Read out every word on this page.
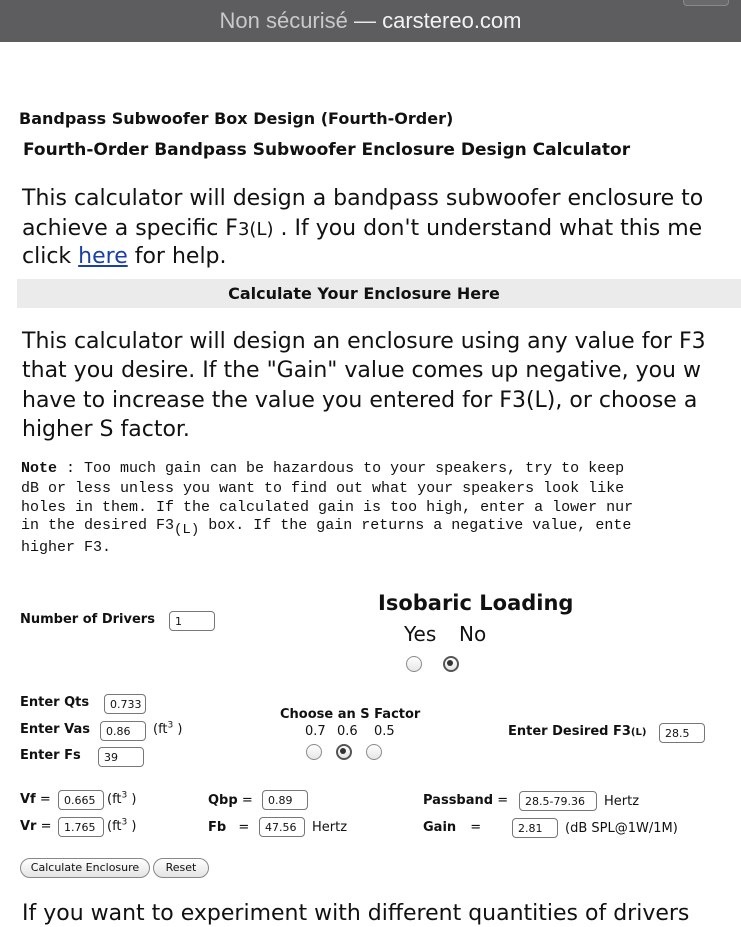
Non sécurisé — carstereo.com
Bandpass Subwoofer Box Design (Fourth-Order)
Fourth-Order Bandpass Subwoofer Enclosure Design Calculator
This calculator will design a bandpass subwoofer enclosure to
achieve a specific F3(L) . If you don't understand what this me
click here for help.
Calculate Your Enclosure Here
This calculator will design an enclosure using any value for F3
that you desire. If the "Gain" value comes up negative, you w
have to increase the value you entered for F3(L), or choose a
higher S factor.
Note : Too much gain can be hazardous to your speakers, try to keep
dB or less unless you want to find out what your speakers look like
holes in them. If the calculated gain is too high, enter a lower nur
in the desired F3(L) box. If the gain returns a negative value, ente
higher F3.
Number of Drivers	1
Isobaric Loading
Yes No
Enter Qts	0.733
Enter Vas	0.86	($ft^3$ )
Enter Fs	39
Choose an S Factor
0.7 0.6 0.5	Enter Desired F3(L)	28.5
Vf =	0.665 ($ft^3$ )	Qbp =	0.89	Passband =	28.5-79.36	Hertz
Vr =	1.765 ($ft^3$ )	Fb =	47.56	Hertz	Gain =	2.81	(dB SPL@1W/1M)
Calculate Enclosure	Reset
If you want to experiment with different quantities of drivers
